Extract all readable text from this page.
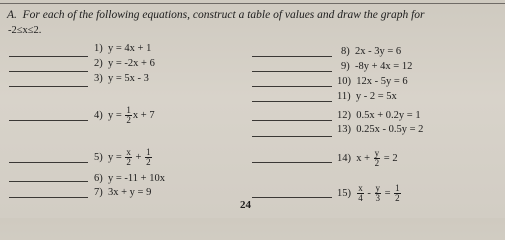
A. For each of the following equations, construct a table of values and draw the graph for
-2≤x≤2.
1) y = 4x + 1
2) y = -2x + 6
3) y = 5x - 3
4) $y = \frac{1}{2}$ x + 7
5) $y = \frac{x}{2} + \frac{1}{2}$
6) y = -11 + 10x
7) 3x + y = 9
8) 2x - 3y = 6
9) -8y + 4x = 12
10) 12x - 5y = 6
11) y - 2 = 5x
12) 0.5x + 0.2y = 1
13) 0.25x - 0.5y = 2
14) $x + \frac{y}{2} = 2$
$15) \frac{x}{4} - \frac{y}{3} = \frac{1}{2}$
24
